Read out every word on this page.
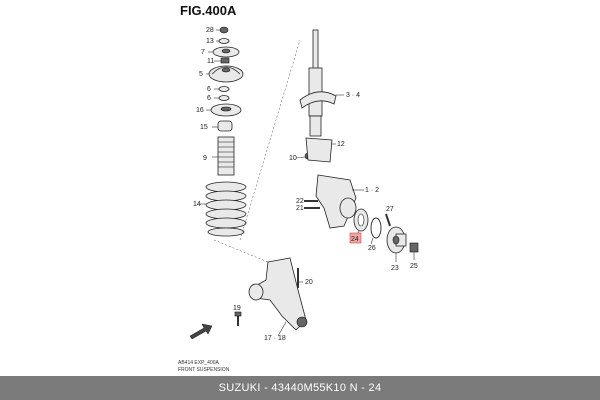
FIG.400A
28
13
7
11
5
6
6
16
15
9
14
3 · 4
12
10
1 · 2
22
21
24
26
27
23 25
17 · 18
20
19
AB414 EXP_400A
FRONT SUSPENSION
SUZUKI - 43440M55K10 N - 24
